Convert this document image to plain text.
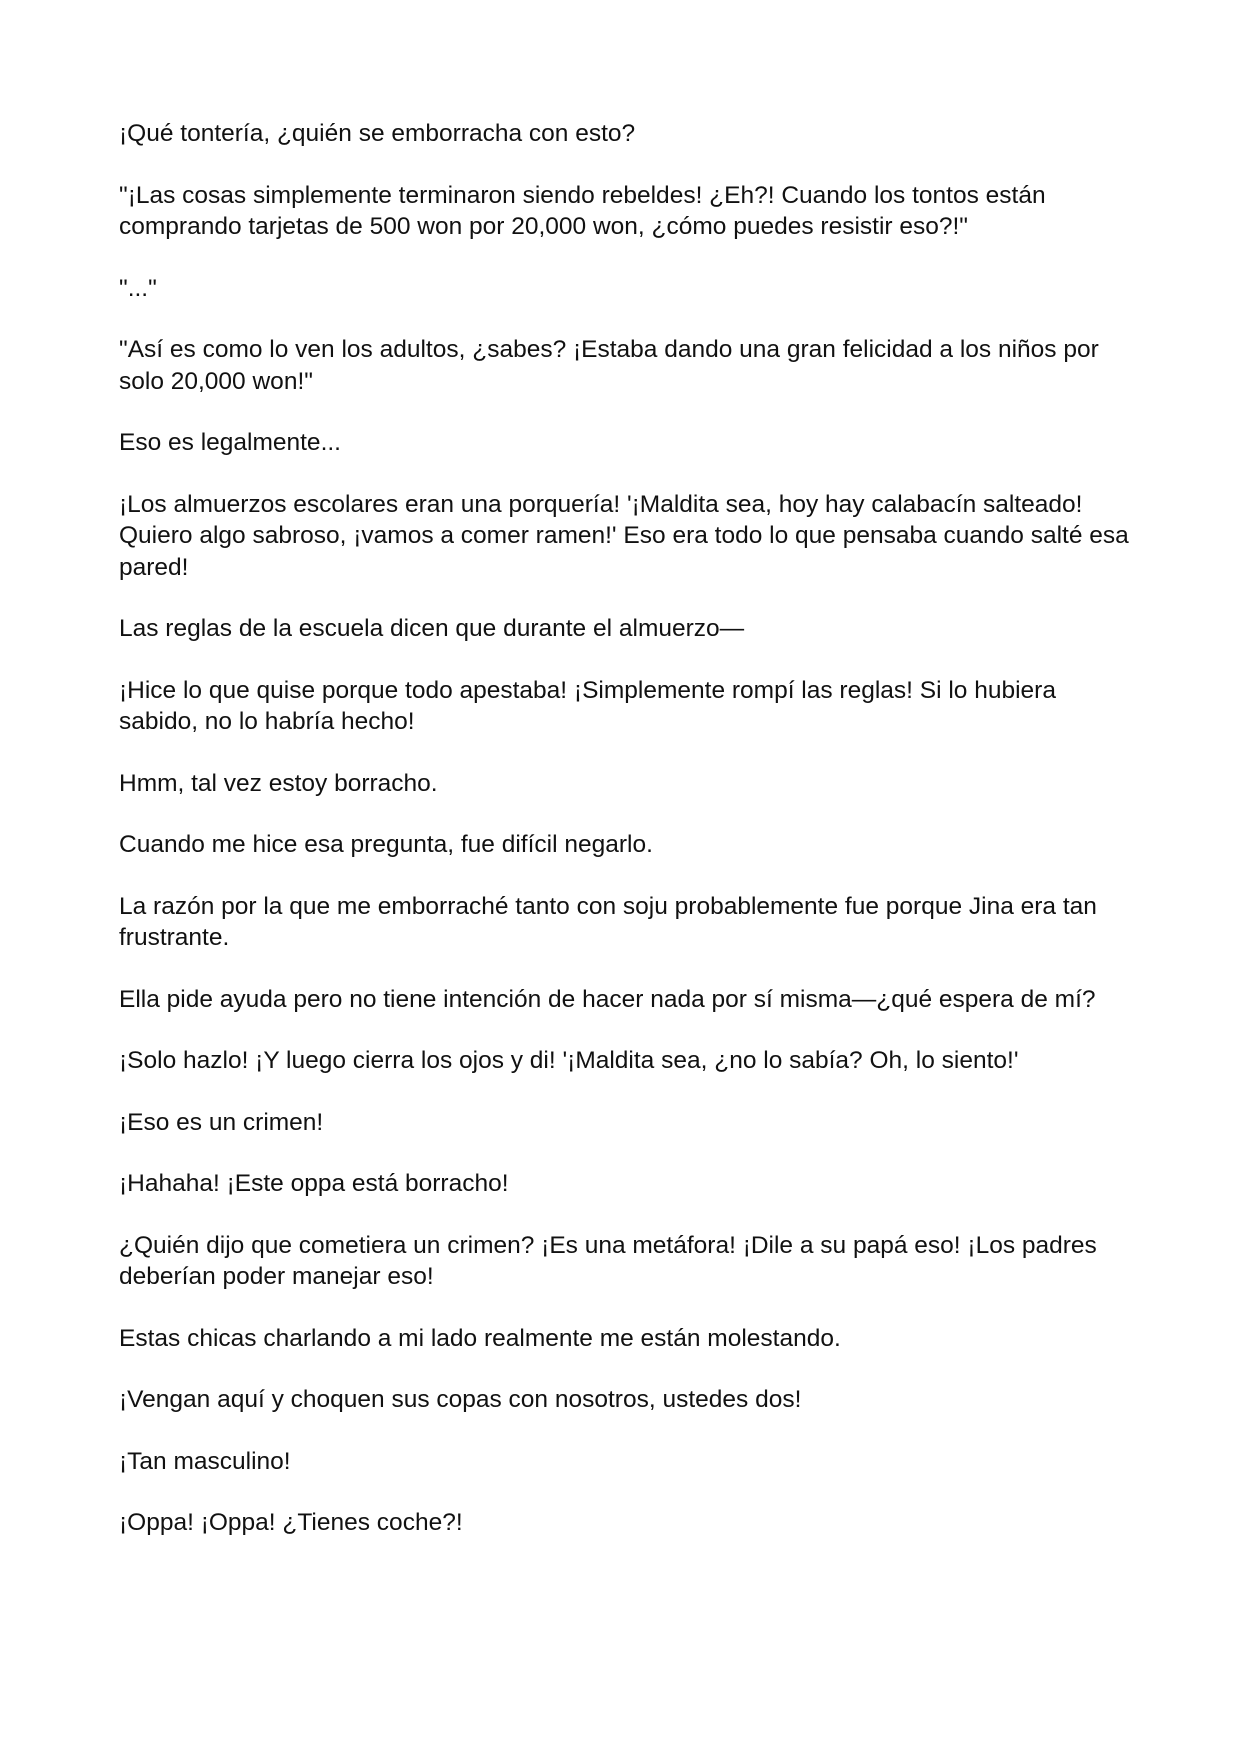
¡Qué tontería, ¿quién se emborracha con esto?

"¡Las cosas simplemente terminaron siendo rebeldes! ¿Eh?! Cuando los tontos están comprando tarjetas de 500 won por 20,000 won, ¿cómo puedes resistir eso?!"

"..."

"Así es como lo ven los adultos, ¿sabes? ¡Estaba dando una gran felicidad a los niños por solo 20,000 won!"

Eso es legalmente...

¡Los almuerzos escolares eran una porquería! '¡Maldita sea, hoy hay calabacín salteado! Quiero algo sabroso, ¡vamos a comer ramen!' Eso era todo lo que pensaba cuando salté esa pared!

Las reglas de la escuela dicen que durante el almuerzo—

¡Hice lo que quise porque todo apestaba! ¡Simplemente rompí las reglas! Si lo hubiera sabido, no lo habría hecho!

Hmm, tal vez estoy borracho.

Cuando me hice esa pregunta, fue difícil negarlo.

La razón por la que me emborraché tanto con soju probablemente fue porque Jina era tan frustrante.

Ella pide ayuda pero no tiene intención de hacer nada por sí misma—¿qué espera de mí?

¡Solo hazlo! ¡Y luego cierra los ojos y di! '¡Maldita sea, ¿no lo sabía? Oh, lo siento!'

¡Eso es un crimen!

¡Hahaha! ¡Este oppa está borracho!

¿Quién dijo que cometiera un crimen? ¡Es una metáfora! ¡Dile a su papá eso! ¡Los padres deberían poder manejar eso!

Estas chicas charlando a mi lado realmente me están molestando.

¡Vengan aquí y choquen sus copas con nosotros, ustedes dos!

¡Tan masculino!

¡Oppa! ¡Oppa! ¿Tienes coche?!
